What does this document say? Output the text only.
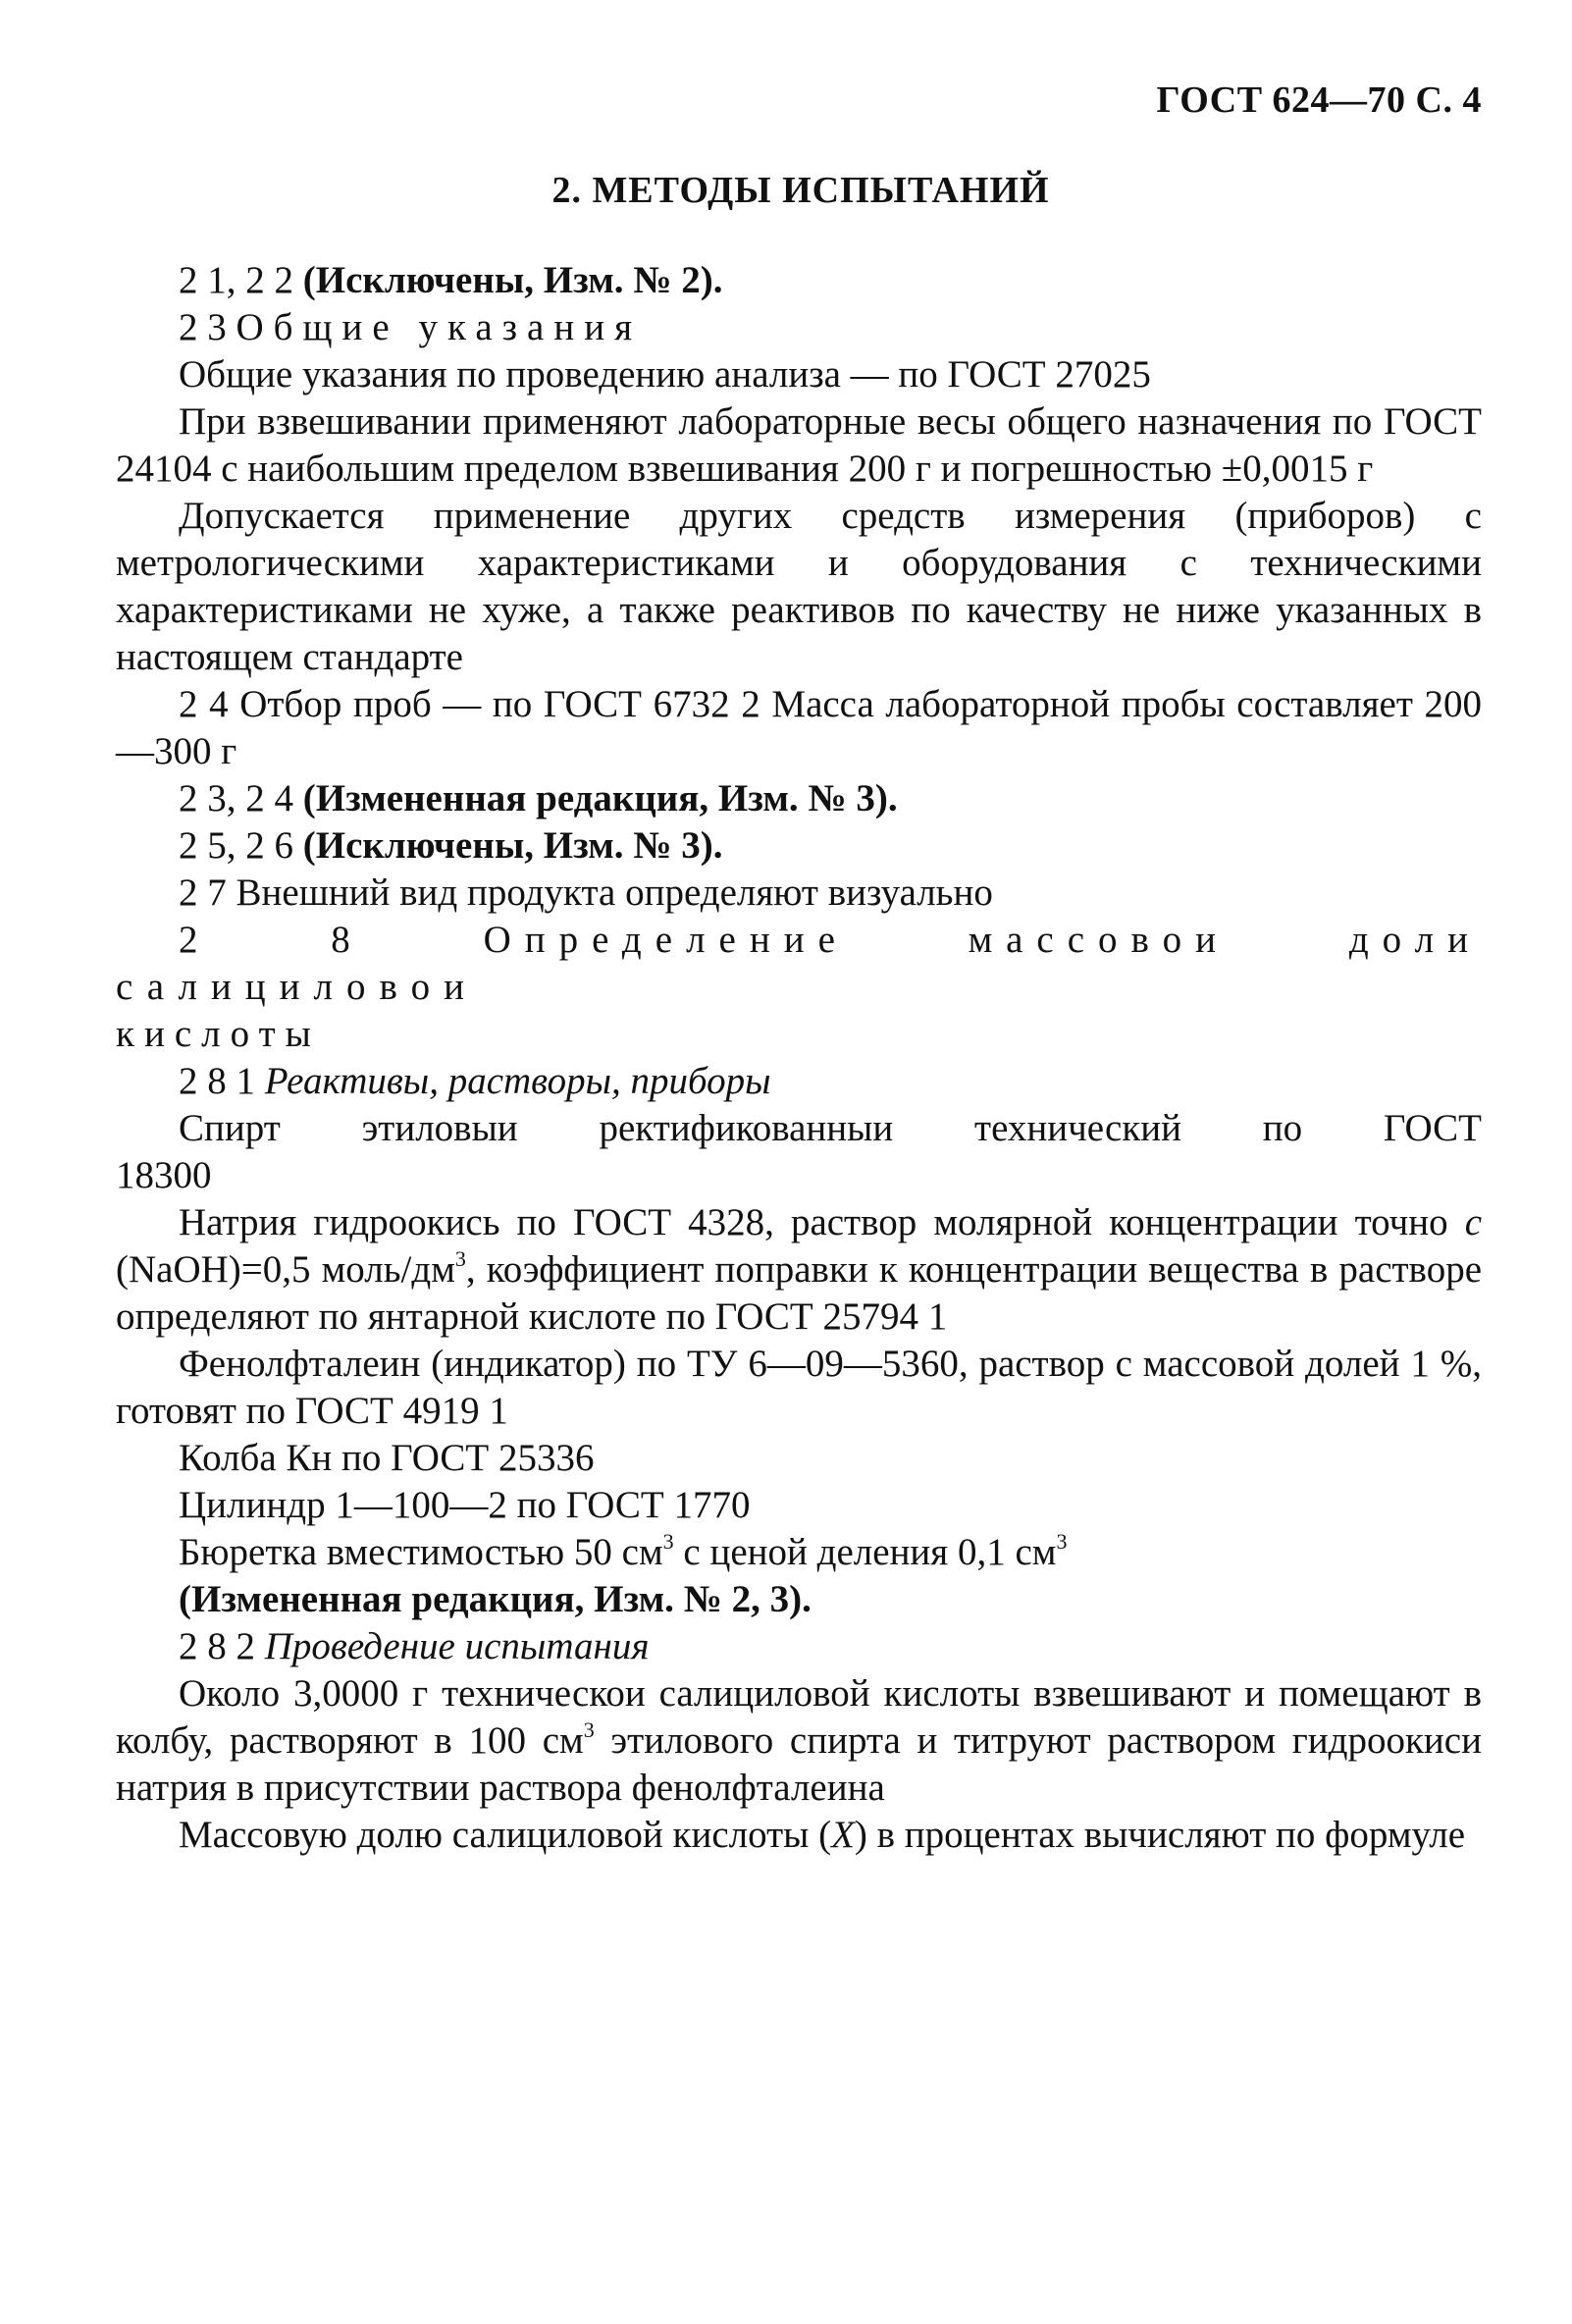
ГОСТ 624—70 С. 4
2. МЕТОДЫ ИСПЫТАНИЙ

2 1, 2 2 (Исключены, Изм. № 2).

2 3 Общие указания

Общие указания по проведению анализа — по ГОСТ 27025

При взвешивании применяют лабораторные весы общего назначения по ГОСТ 24104 с наибольшим пределом взвешивания 200 г и погрешностью ±0,0015 г

Допускается применение других средств измерения (приборов) с метрологическими характеристиками и оборудования с техническими характеристиками не хуже, а также реактивов по качеству не ниже указанных в настоящем стандарте

2 4 Отбор проб — по ГОСТ 6732 2 Масса лабораторной пробы составляет 200—300 г

2 3, 2 4 (Измененная редакция, Изм. № 3).

2 5, 2 6 (Исключены, Изм. № 3).

2 7 Внешний вид продукта определяют визуально

2 8 Определение массовои доли салициловои

кислоты

2 8 1 Реактивы, растворы, приборы

Спирт этиловыи ректификованныи технический по ГОСТ

18300

Натрия гидроокись по ГОСТ 4328, раствор молярной концентрации точно c (NaOH)=0,5 моль/$дм^3$, коэффициент поправки к концентрации вещества в растворе определяют по янтарной кислоте по ГОСТ 25794 1

Фенолфталеин (индикатор) по ТУ 6—09—5360, раствор с массовой долей 1 %, готовят по ГОСТ 4919 1

Колба Кн по ГОСТ 25336

Цилиндр 1—100—2 по ГОСТ 1770

Бюретка вместимостью 50 $см^3$ с ценой деления 0,1 $см^3$

(Измененная редакция, Изм. № 2, 3).

2 8 2 Проведение испытания

Около 3,0000 г техническои салициловой кислоты взвешивают и помещают в колбу, растворяют в 100 $см^3$ этилового спирта и титруют раствором гидроокиси натрия в присутствии раствора фенолфталеина

Массовую долю салициловой кислоты (X) в процентах вычисляют по формуле
